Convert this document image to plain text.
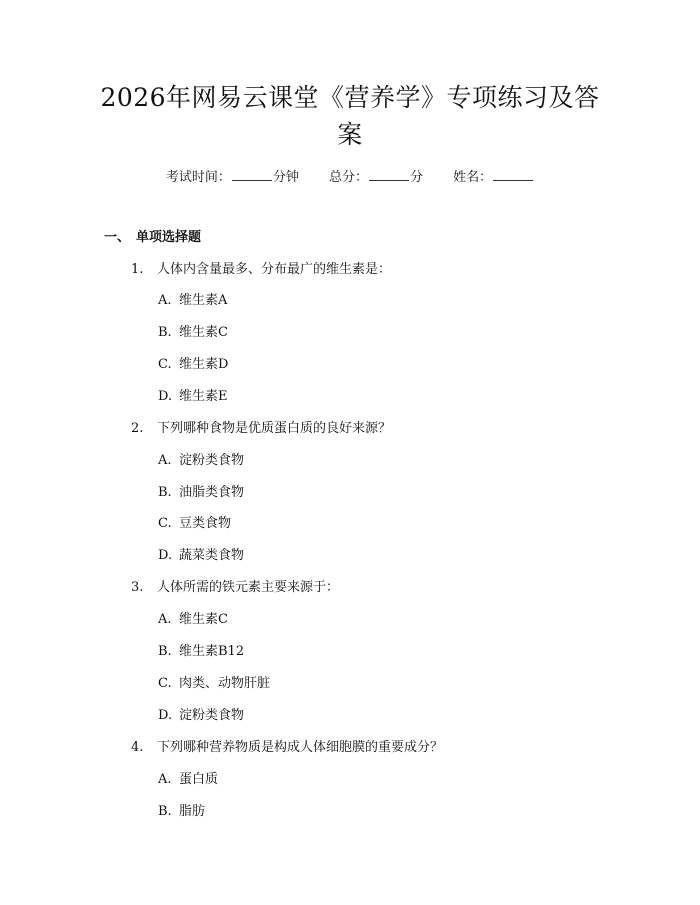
2026年网易云课堂《营养学》专项练习及答
案
考试时间：	分钟 总分：	分 姓名：
一、 单项选择题
1. 人体内含量最多、分布最广的维生素是：
A. 维生素A
B. 维生素C
C. 维生素D
D. 维生素E
2. 下列哪种食物是优质蛋白质的良好来源？
A. 淀粉类食物
B. 油脂类食物
C. 豆类食物
D. 蔬菜类食物
3. 人体所需的铁元素主要来源于：
A. 维生素C
B. 维生素B12
C. 肉类、动物肝脏
D. 淀粉类食物
4. 下列哪种营养物质是构成人体细胞膜的重要成分？
A. 蛋白质
B. 脂肪
